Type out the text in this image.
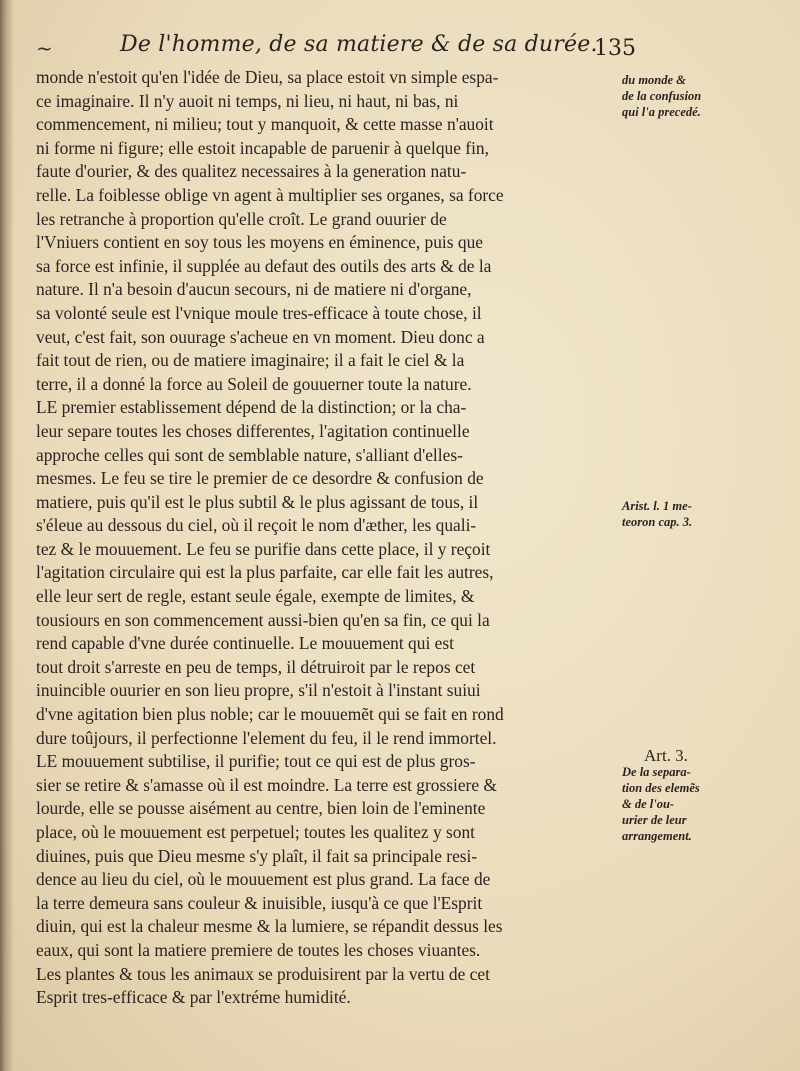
~	De l'homme, de sa matiere & de sa durée.
135
monde n'estoit qu'en l'idée de Dieu, sa place estoit vn simple espa-
ce imaginaire. Il n'y auoit ni temps, ni lieu, ni haut, ni bas, ni
commencement, ni milieu; tout y manquoit, & cette masse n'auoit
ni forme ni figure; elle estoit incapable de paruenir à quelque fin,
faute d'ourier, & des qualitez necessaires à la generation natu-
relle. La foiblesse oblige vn agent à multiplier ses organes, sa force
les retranche à proportion qu'elle croît. Le grand ouurier de
l'Vniuers contient en soy tous les moyens en éminence, puis que
sa force est infinie, il supplée au defaut des outils des arts & de la
nature. Il n'a besoin d'aucun secours, ni de matiere ni d'organe,
sa volonté seule est l'vnique moule tres-efficace à toute chose, il
veut, c'est fait, son ouurage s'acheue en vn moment. Dieu donc a
fait tout de rien, ou de matiere imaginaire; il a fait le ciel & la
terre, il a donné la force au Soleil de gouuerner toute la nature.
LE premier establissement dépend de la distinction; or la cha-
leur separe toutes les choses differentes, l'agitation continuelle
approche celles qui sont de semblable nature, s'alliant d'elles-
mesmes. Le feu se tire le premier de ce desordre & confusion de
matiere, puis qu'il est le plus subtil & le plus agissant de tous, il
s'éleue au dessous du ciel, où il reçoit le nom d'æther, les quali-
tez & le mouuement. Le feu se purifie dans cette place, il y reçoit
l'agitation circulaire qui est la plus parfaite, car elle fait les autres,
elle leur sert de regle, estant seule égale, exempte de limites, &
tousiours en son commencement aussi-bien qu'en sa fin, ce qui la
rend capable d'vne durée continuelle. Le mouuement qui est
tout droit s'arreste en peu de temps, il détruiroit par le repos cet
inuincible ouurier en son lieu propre, s'il n'estoit à l'instant suiui
d'vne agitation bien plus noble; car le mouuemẽt qui se fait en rond
dure toûjours, il perfectionne l'element du feu, il le rend immortel.
LE mouuement subtilise, il purifie; tout ce qui est de plus gros-
sier se retire & s'amasse où il est moindre. La terre est grossiere &
lourde, elle se pousse aisément au centre, bien loin de l'eminente
place, où le mouuement est perpetuel; toutes les qualitez y sont
diuines, puis que Dieu mesme s'y plaît, il fait sa principale resi-
dence au lieu du ciel, où le mouuement est plus grand. La face de
la terre demeura sans couleur & inuisible, iusqu'à ce que l'Esprit
diuin, qui est la chaleur mesme & la lumiere, se répandit dessus les
eaux, qui sont la matiere premiere de toutes les choses viuantes.
Les plantes & tous les animaux se produisirent par la vertu de cet
Esprit tres-efficace & par l'extréme humidité.
du monde &
de la confusion
qui l'a precedé.
Arist. l. 1 me-
teoron cap. 3.
Art. 3.
De la separa-
tion des elemẽs
& de l'ou-
urier de leur
arrangement.
